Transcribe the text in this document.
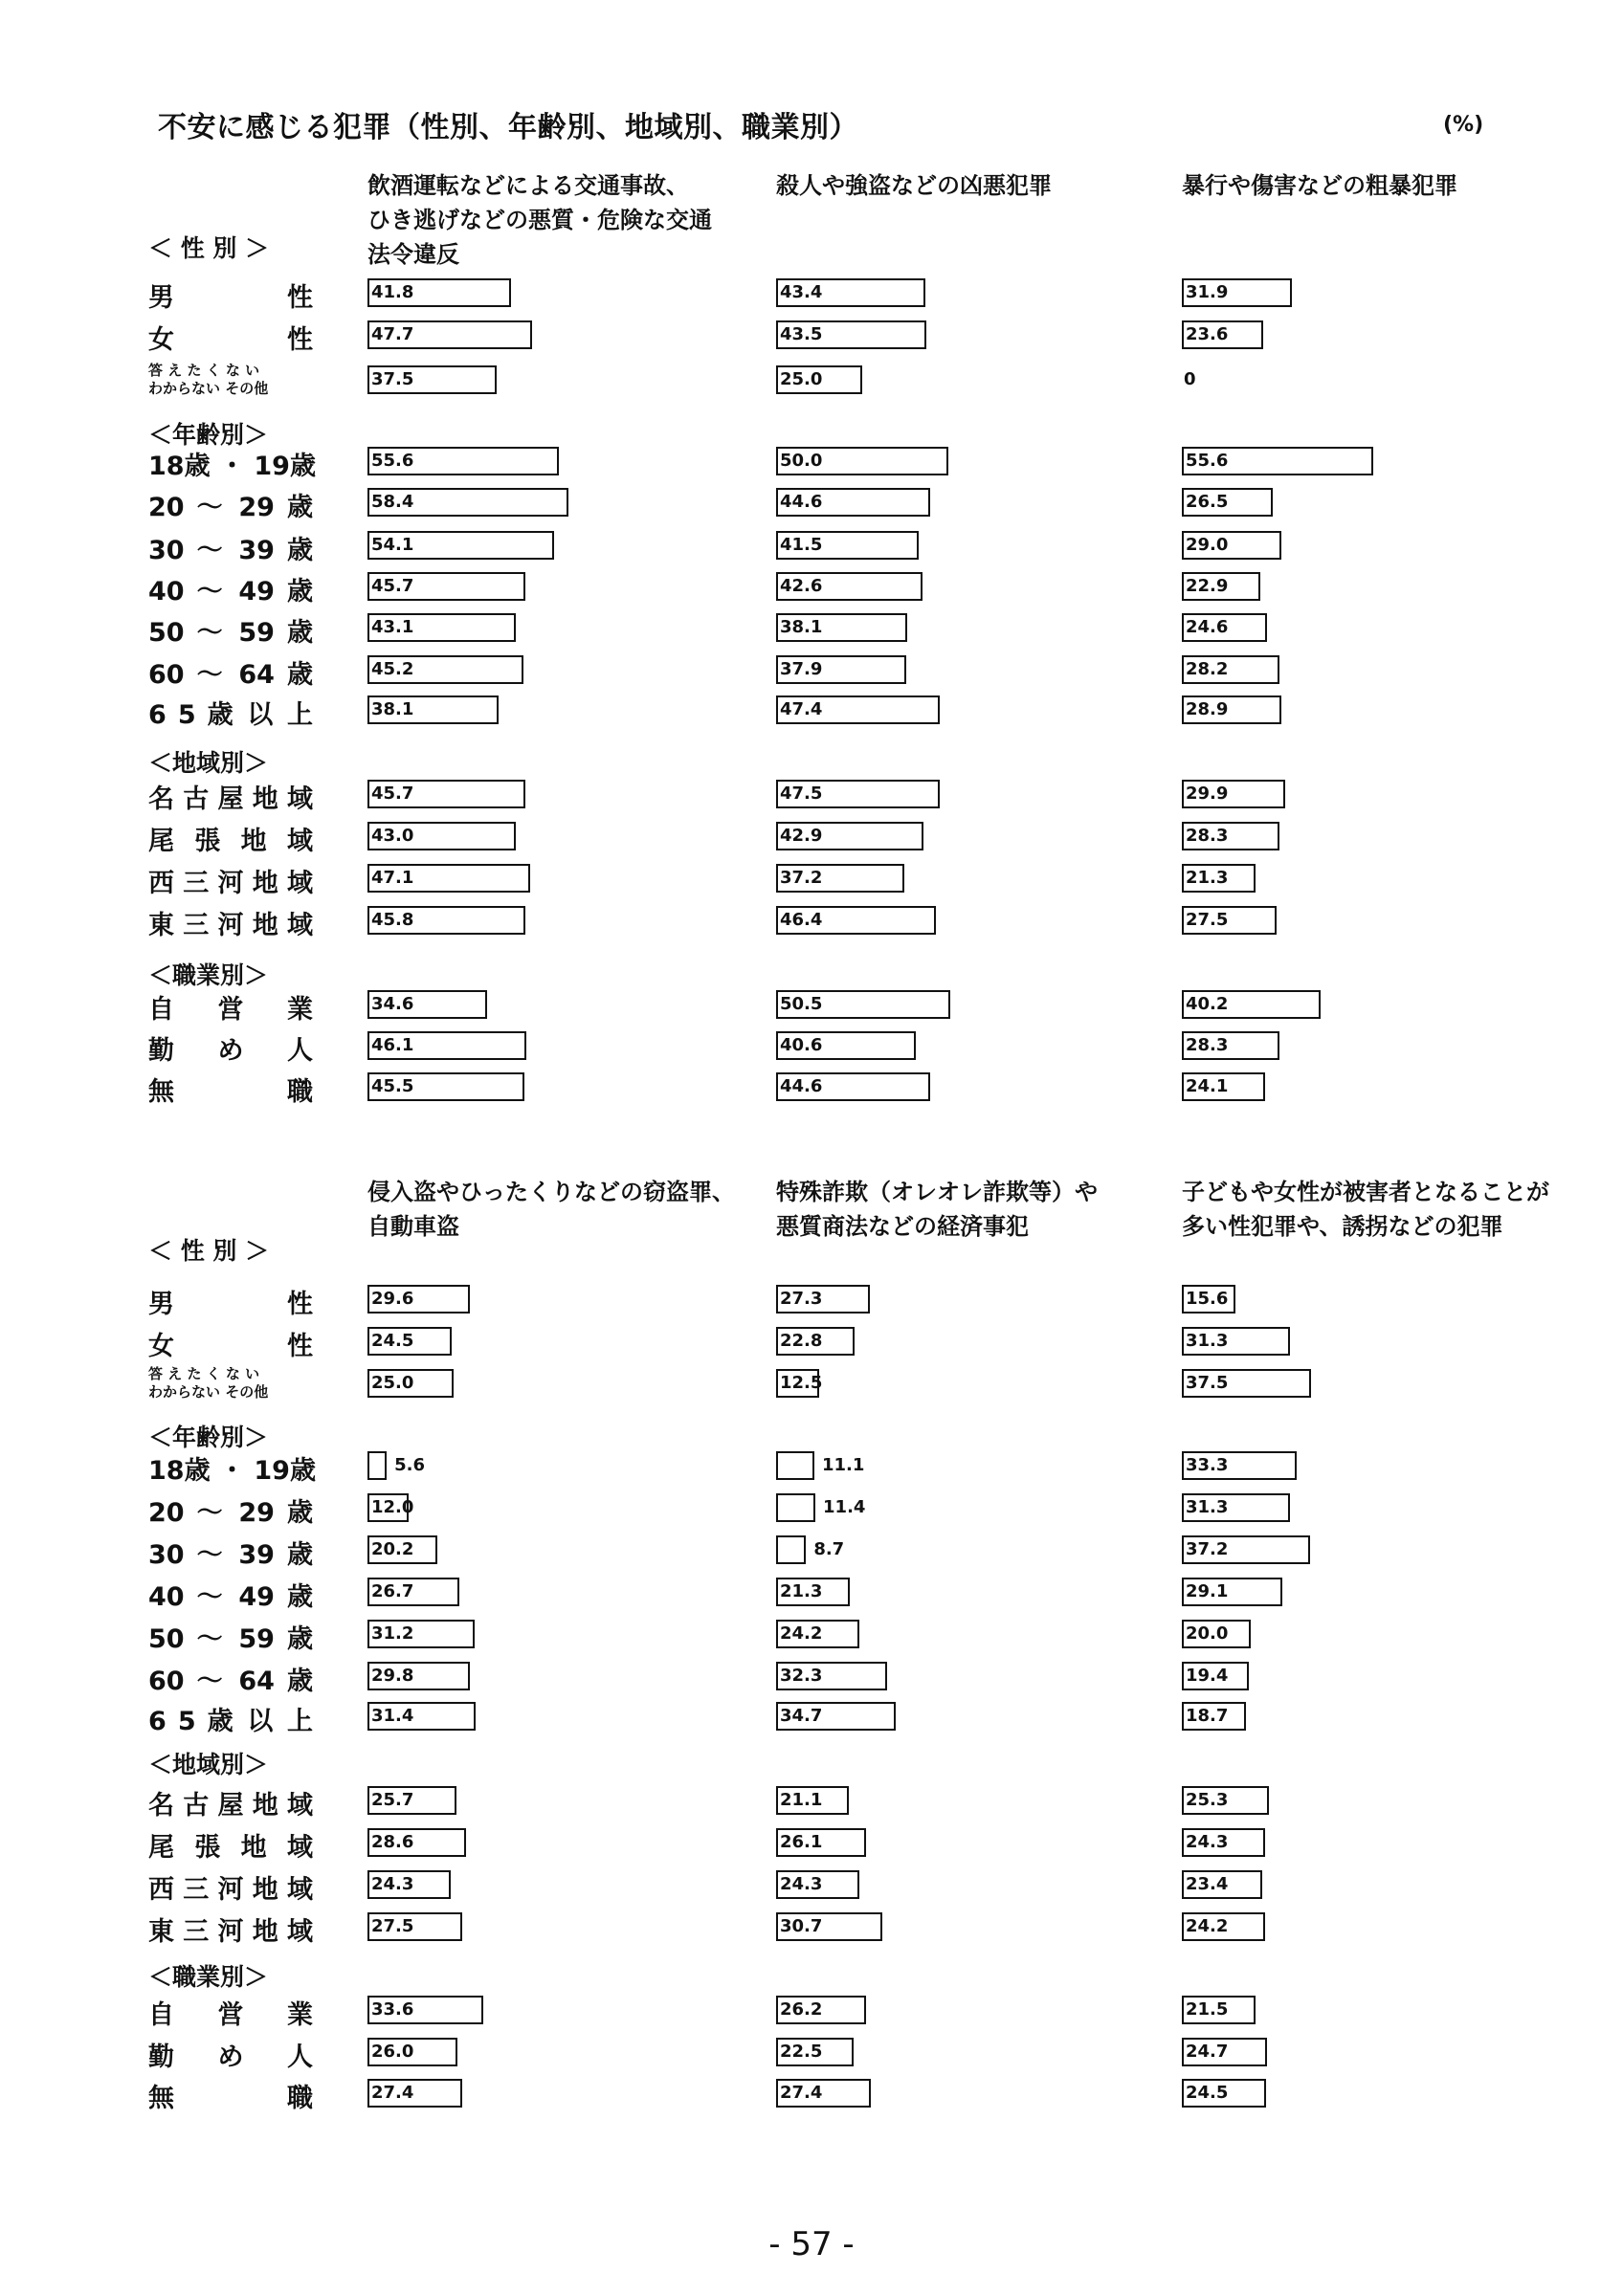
不安に感じる犯罪（性別、年齢別、地域別、職業別）	(%)
- 57 -
＜ 性 別 ＞
＜年齢別＞
＜地域別＞
＜職業別＞
男 性
女 性
答 え た く な い
わからない その他
18歳 ・ 19歳
20 ～ 29 歳
30 ～ 39 歳
40 ～ 49 歳
50 ～ 59 歳
60 ～ 64 歳
6 5 歳 以 上
名古屋地域
尾 張 地 域
西三河地域
東三河地域
自 営 業
勤 め 人
無 職
飲酒運転などによる交通事故、
ひき逃げなどの悪質・危険な交通
法令違反
41.8
47.7
37.5
55.6
58.4
54.1
45.7
43.1
45.2
38.1
45.7
43.0
47.1
45.8
34.6
46.1
45.5
殺人や強盗などの凶悪犯罪
43.4
43.5
25.0
50.0
44.6
41.5
42.6
38.1
37.9
47.4
47.5
42.9
37.2
46.4
50.5
40.6
44.6
暴行や傷害などの粗暴犯罪
31.9
23.6
0
55.6
26.5
29.0
22.9
24.6
28.2
28.9
29.9
28.3
21.3
27.5
40.2
28.3
24.1
＜ 性 別 ＞
＜年齢別＞
＜地域別＞
＜職業別＞
男 性
女 性
答 え た く な い
わからない その他
18歳 ・ 19歳
20 ～ 29 歳
30 ～ 39 歳
40 ～ 49 歳
50 ～ 59 歳
60 ～ 64 歳
6 5 歳 以 上
名古屋地域
尾 張 地 域
西三河地域
東三河地域
自 営 業
勤 め 人
無 職
侵入盗やひったくりなどの窃盗罪、
自動車盗
29.6
24.5
25.0
5.6
12.0
20.2
26.7
31.2
29.8
31.4
25.7
28.6
24.3
27.5
33.6
26.0
27.4
特殊詐欺（オレオレ詐欺等）や
悪質商法などの経済事犯
27.3
22.8
12.5
11.1
11.4
8.7
21.3
24.2
32.3
34.7
21.1
26.1
24.3
30.7
26.2
22.5
27.4
子どもや女性が被害者となることが
多い性犯罪や、誘拐などの犯罪
15.6
31.3
37.5
33.3
31.3
37.2
29.1
20.0
19.4
18.7
25.3
24.3
23.4
24.2
21.5
24.7
24.5
